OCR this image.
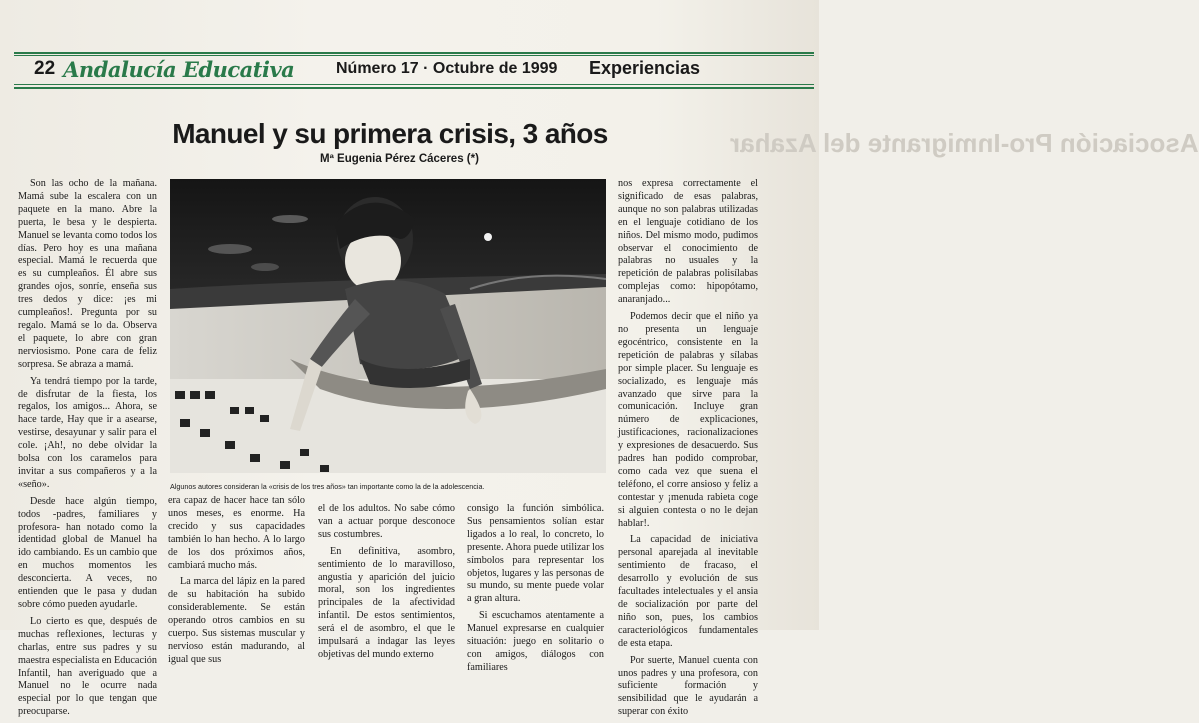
Asociación Pro-Inmigrante del Azahar
22 Andalucía Educativa	Número 17 · Octubre de 1999 Experiencias
Manuel y su primera crisis, 3 años
Mª Eugenia Pérez Cáceres (*)

Son las ocho de la mañana. Mamá sube la escalera con un paquete en la mano. Abre la puerta, le besa y le despierta. Manuel se levanta como todos los días. Pero hoy es una mañana especial. Mamá le recuerda que es su cumpleaños. Él abre sus grandes ojos, sonríe, enseña sus tres dedos y dice: ¡es mi cumpleaños!. Pregunta por su regalo. Mamá se lo da. Observa el paquete, lo abre con gran nerviosismo. Pone cara de feliz sorpresa. Se abraza a mamá.

Ya tendrá tiempo por la tarde, de disfrutar de la fiesta, los regalos, los amigos... Ahora, se hace tarde, Hay que ir a asearse, vestirse, desayunar y salir para el cole. ¡Ah!, no debe olvidar la bolsa con los caramelos para invitar a sus compañeros y a la «seño».

Desde hace algún tiempo, todos -padres, familiares y profesora- han notado como la identidad global de Manuel ha ido cambiando. Es un cambio que en muchos momentos les desconcierta. A veces, no entienden que le pasa y dudan sobre cómo pueden ayudarle.

Lo cierto es que, después de muchas reflexiones, lecturas y charlas, entre sus padres y su maestra especialista en Educación Infantil, han averiguado que a Manuel no le ocurre nada especial por lo que tengan que preocuparse.

Algunos autores consideran la «crisis de los tres años» tan importante como la de la adolescencia.

era capaz de hacer hace tan sólo unos meses, es enorme. Ha crecido y sus capacidades también lo han hecho. A lo largo de los dos próximos años, cambiará mucho más.

La marca del lápiz en la pared de su habitación ha subido considerablemente. Se están operando otros cambios en su cuerpo. Sus sistemas muscular y nervioso están madurando, al igual que sus

el de los adultos. No sabe cómo van a actuar porque desconoce sus costumbres.

En definitiva, asombro, sentimiento de lo maravilloso, angustia y aparición del juicio moral, son los ingredientes principales de la afectividad infantil. De estos sentimientos, será el de asombro, el que le impulsará a indagar las leyes objetivas del mundo externo

consigo la función simbólica. Sus pensamientos solían estar ligados a lo real, lo concreto, lo presente. Ahora puede utilizar los símbolos para representar los objetos, lugares y las personas de su mundo, su mente puede volar a gran altura.

Si escuchamos atentamente a Manuel expresarse en cualquier situación: juego en solitario o con amigos, diálogos con familiares

nos expresa correctamente el significado de esas palabras, aunque no son palabras utilizadas en el lenguaje cotidiano de los niños. Del mismo modo, pudimos observar el conocimiento de palabras no usuales y la repetición de palabras polisílabas complejas como: hipopótamo, anaranjado...

Podemos decir que el niño ya no presenta un lenguaje egocéntrico, consistente en la repetición de palabras y sílabas por simple placer. Su lenguaje es socializado, es lenguaje más avanzado que sirve para la comunicación. Incluye gran número de explicaciones, justificaciones, racionalizaciones y expresiones de desacuerdo. Sus padres han podido comprobar, como cada vez que suena el teléfono, el corre ansioso y feliz a contestar y ¡menuda rabieta coge si alguien contesta o no le dejan hablar!.

La capacidad de iniciativa personal aparejada al inevitable sentimiento de fracaso, el desarrollo y evolución de sus facultades intelectuales y el ansia de socialización por parte del niño son, pues, los cambios caracteriológicos fundamentales de esta etapa.

Por suerte, Manuel cuenta con unos padres y una profesora, con suficiente formación y sensibilidad que le ayudarán a superar con éxito
